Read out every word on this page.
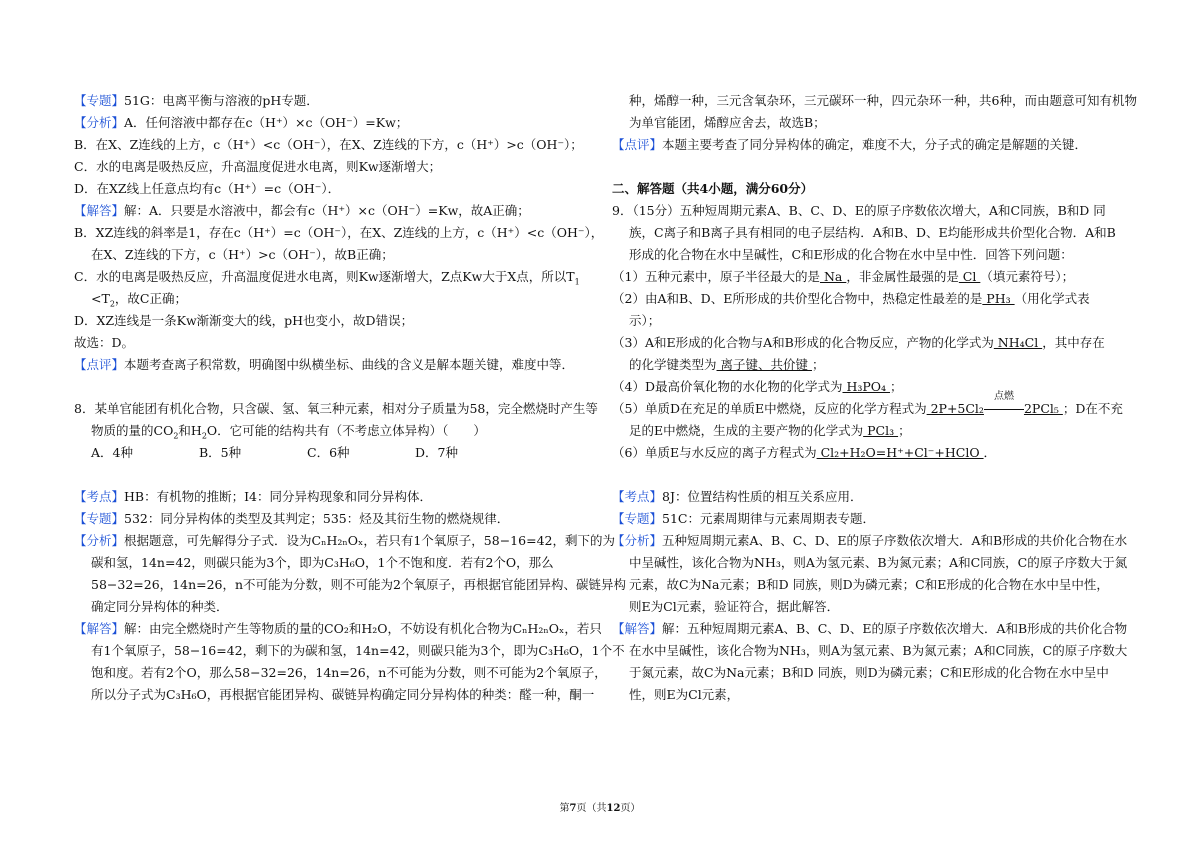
【专题】51G：电离平衡与溶液的pH专题．
【分析】A．任何溶液中都存在c（H⁺）×c（OH⁻）=Kw；
B．在X、Z连线的上方，c（H⁺）<c（OH⁻），在X、Z连线的下方，c（H⁺）>c（OH⁻）；
C．水的电离是吸热反应，升高温度促进水电离，则Kw逐渐增大；
D．在XZ线上任意点均有c（H⁺）=c（OH⁻）．
【解答】解：A．只要是水溶液中，都会有c（H⁺）×c（OH⁻）=Kw，故A正确；
B．XZ连线的斜率是1，存在c（H⁺）=c（OH⁻），在X、Z连线的上方，c（H⁺）<c（OH⁻），
在X、Z连线的下方，c（H⁺）>c（OH⁻），故B正确；
C．水的电离是吸热反应，升高温度促进水电离，则Kw逐渐增大，Z点Kw大于X点，所以$T_1$
$<T_2$，故C正确；
D．XZ连线是一条Kw渐渐变大的线，pH也变小，故D错误；
故选：D。
【点评】本题考查离子积常数，明确图中纵横坐标、曲线的含义是解本题关键，难度中等．
8．某单官能团有机化合物，只含碳、氢、氧三种元素，相对分子质量为58，完全燃烧时产生等
物质的量的$CO_2$和$H_2O$．它可能的结构共有（不考虑立体异构）（　　）
A．4种	B．5种	C．6种	D．7种
【考点】HB：有机物的推断；I4：同分异构现象和同分异构体．
【专题】532：同分异构体的类型及其判定；535：烃及其衍生物的燃烧规律．
【分析】根据题意，可先解得分子式．设为CₙH₂ₙOₓ，若只有1个氧原子，58−16=42，剩下的为
碳和氢，14n=42，则碳只能为3个，即为C₃H₆O，1个不饱和度．若有2个O，那么
58−32=26，14n=26，n不可能为分数，则不可能为2个氧原子，再根据官能团异构、碳链异构
确定同分异构体的种类．
【解答】解：由完全燃烧时产生等物质的量的CO₂和H₂O，不妨设有机化合物为CₙH₂ₙOₓ，若只
有1个氧原子，58−16=42，剩下的为碳和氢，14n=42，则碳只能为3个，即为C₃H₆O，1个不
饱和度。若有2个O，那么58−32=26，14n=26，n不可能为分数，则不可能为2个氧原子，
所以分子式为C₃H₆O，再根据官能团异构、碳链异构确定同分异构体的种类：醛一种，酮一
种，烯醇一种，三元含氧杂环，三元碳环一种，四元杂环一种，共6种，而由题意可知有机物
为单官能团，烯醇应舍去，故选B；
【点评】本题主要考查了同分异构体的确定，难度不大，分子式的确定是解题的关键．
二、解答题（共4小题，满分60分）
9．（15分）五种短周期元素A、B、C、D、E的原子序数依次增大，A和C同族，B和D 同
族，C离子和B离子具有相同的电子层结构．A和B、D、E均能形成共价型化合物．A和B
形成的化合物在水中呈碱性，C和E形成的化合物在水中呈中性．回答下列问题：
（1）五种元素中，原子半径最大的是 Na ，非金属性最强的是 Cl （填元素符号）；
（2）由A和B、D、E所形成的共价型化合物中，热稳定性最差的是 PH₃ （用化学式表
示）；
（3）A和E形成的化合物与A和B形成的化合物反应，产物的化学式为 NH₄Cl ，其中存在
的化学键类型为 离子键、共价键 ；
（4）D最高价氧化物的水化物的化学式为 H₃PO₄ ；
（5）单质D在充足的单质E中燃烧，反应的化学方程式为 2P+5Cl₂
点燃
2PCl₅ ；D在不充
足的E中燃烧，生成的主要产物的化学式为 PCl₃ ；
（6）单质E与水反应的离子方程式为 Cl₂+H₂O=H⁺+Cl⁻+HClO ．
【考点】8J：位置结构性质的相互关系应用．
【专题】51C：元素周期律与元素周期表专题．
【分析】五种短周期元素A、B、C、D、E的原子序数依次增大．A和B形成的共价化合物在水
中呈碱性，该化合物为NH₃，则A为氢元素、B为氮元素；A和C同族，C的原子序数大于氮
元素，故C为Na元素；B和D 同族，则D为磷元素；C和E形成的化合物在水中呈中性，
则E为Cl元素，验证符合，据此解答．
【解答】解：五种短周期元素A、B、C、D、E的原子序数依次增大．A和B形成的共价化合物
在水中呈碱性，该化合物为NH₃，则A为氢元素、B为氮元素；A和C同族，C的原子序数大
于氮元素，故C为Na元素；B和D 同族，则D为磷元素；C和E形成的化合物在水中呈中
性，则E为Cl元素，
第7页（共12页）
